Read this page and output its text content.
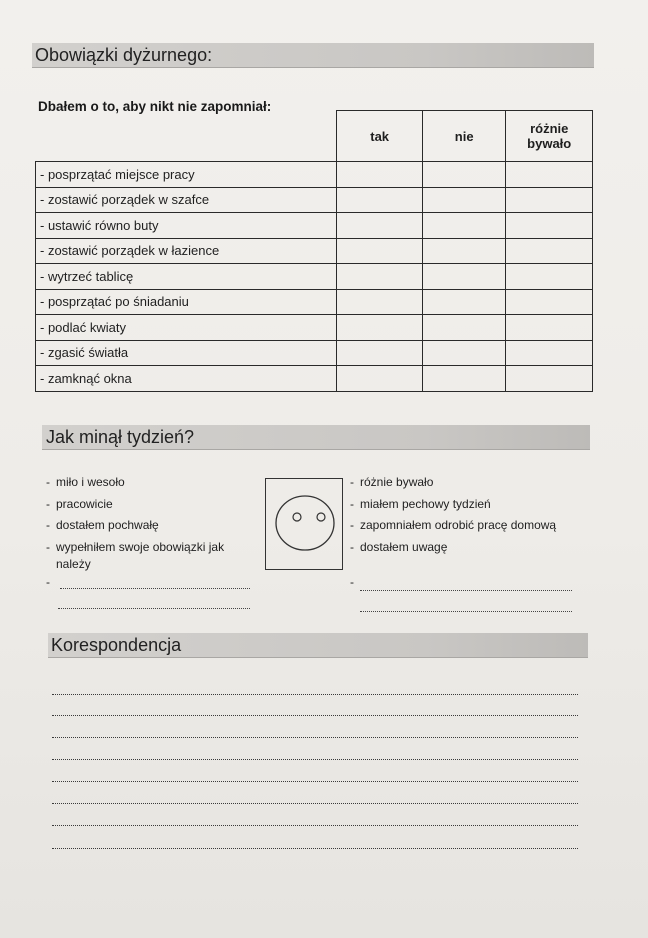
Obowiązki dyżurnego:
Dbałem o to, aby nikt nie zapomniał:
	tak	nie	różnie
bywało
- posprzątać miejsce pracy			
- zostawić porządek w szafce			
- ustawić równo buty			
- zostawić porządek w łazience			
- wytrzeć tablicę			
- posprzątać po śniadaniu			
- podlać kwiaty			
- zgasić światła			
- zamknąć okna			
Jak minął tydzień?
- miło i wesoło
- pracowicie
- dostałem pochwałę
- wypełniłem swoje obowiązki jak
należy
-
- różnie bywało
- miałem pechowy tydzień
- zapomniałem odrobić pracę domową
- dostałem uwagę
-
Korespondencja
